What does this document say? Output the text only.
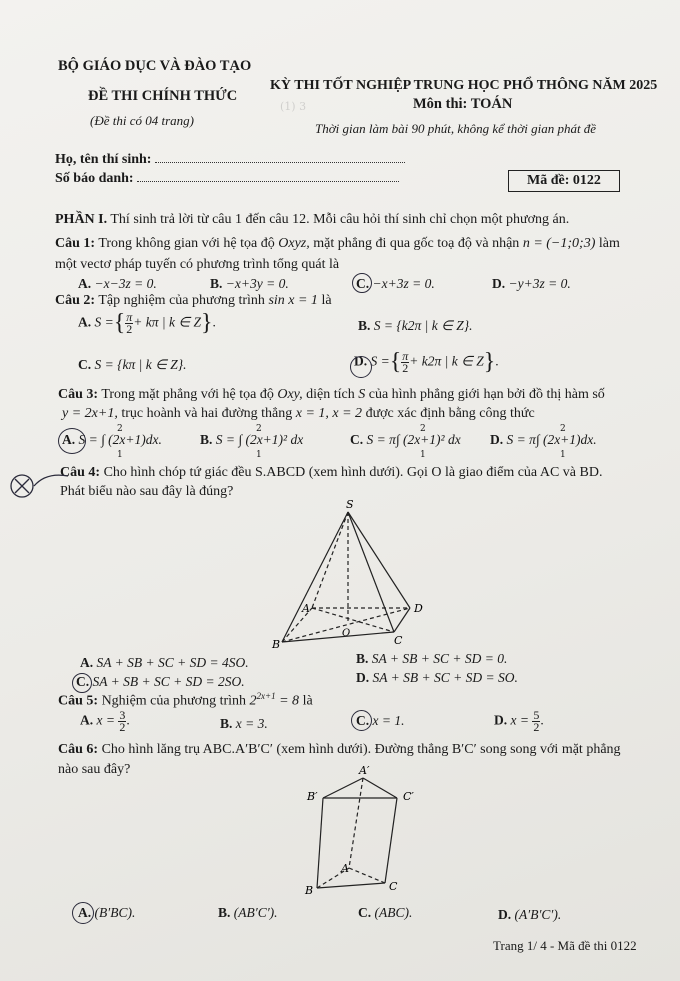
(1) 3
BỘ GIÁO DỤC VÀ ĐÀO TẠO
KỲ THI TỐT NGHIỆP TRUNG HỌC PHỔ THÔNG NĂM 2025
ĐỀ THI CHÍNH THỨC	Môn thi: TOÁN
(Đề thi có 04 trang)
Thời gian làm bài 90 phút, không kể thời gian phát đề
Họ, tên thí sinh:
Số báo danh:	Mã đề: 0122
PHẦN I. Thí sinh trả lời từ câu 1 đến câu 12. Mỗi câu hỏi thí sinh chỉ chọn một phương án.
Câu 1: Trong không gian với hệ tọa độ Oxyz, mặt phẳng đi qua gốc toạ độ và nhận n = (−1;0;3) làm
một vectơ pháp tuyến có phương trình tổng quát là
A. −x−3z = 0.	B. −x+3y = 0.	C. −x+3z = 0.	D. −y+3z = 0.
Câu 2: Tập nghiệm của phương trình sin x = 1 là
A. S ={ $\frac{\pi}{2} + k\pi$ | k ∈ Z}.	B. S = {k2π | k ∈ Z}.
C. S = {kπ | k ∈ Z}.	D. S ={ $\frac{\pi}{2} + k2\pi$ | k ∈ Z}.
Câu 3: Trong mặt phẳng với hệ tọa độ Oxy, diện tích S của hình phẳng giới hạn bởi đồ thị hàm số
y = 2x+1, trục hoành và hai đường thẳng x = 1, x = 2 được xác định bằng công thức
A. S = ∫ (2x+1)dx.	B. S = ∫ (2x+1)² dx	C. S = π∫ (2x+1)² dx D. S = π∫ (2x+1)dx.
2
1
2
1
2
1
2
1
Câu 4: Cho hình chóp tứ giác đều S.ABCD (xem hình dưới). Gọi O là giao điểm của AC và BD.
Phát biểu nào sau đây là đúng?
S
A
B	C
D
O
A. SA + SB + SC + SD = 4SO.	B. SA + SB + SC + SD = 0.
C. SA + SB + SC + SD = 2SO.	D. SA + SB + SC + SD = SO.
Câu 5: Nghiệm của phương trình $2^{2x+1} = 8$ là
A. $x = \frac{3}{2}$ .	B. x = 3.	C. x = 1.	D. $x = \frac{5}{2}$ .
Câu 6: Cho hình lăng trụ ABC.A′B′C′ (xem hình dưới). Đường thẳng B′C′ song song với mặt phẳng
nào sau đây?	A′
B′	C′
A
B	C
A. (B′BC).	B. (AB′C′).	C. (ABC).	D. (A′B′C′).
Trang 1/ 4 - Mã đề thi 0122
